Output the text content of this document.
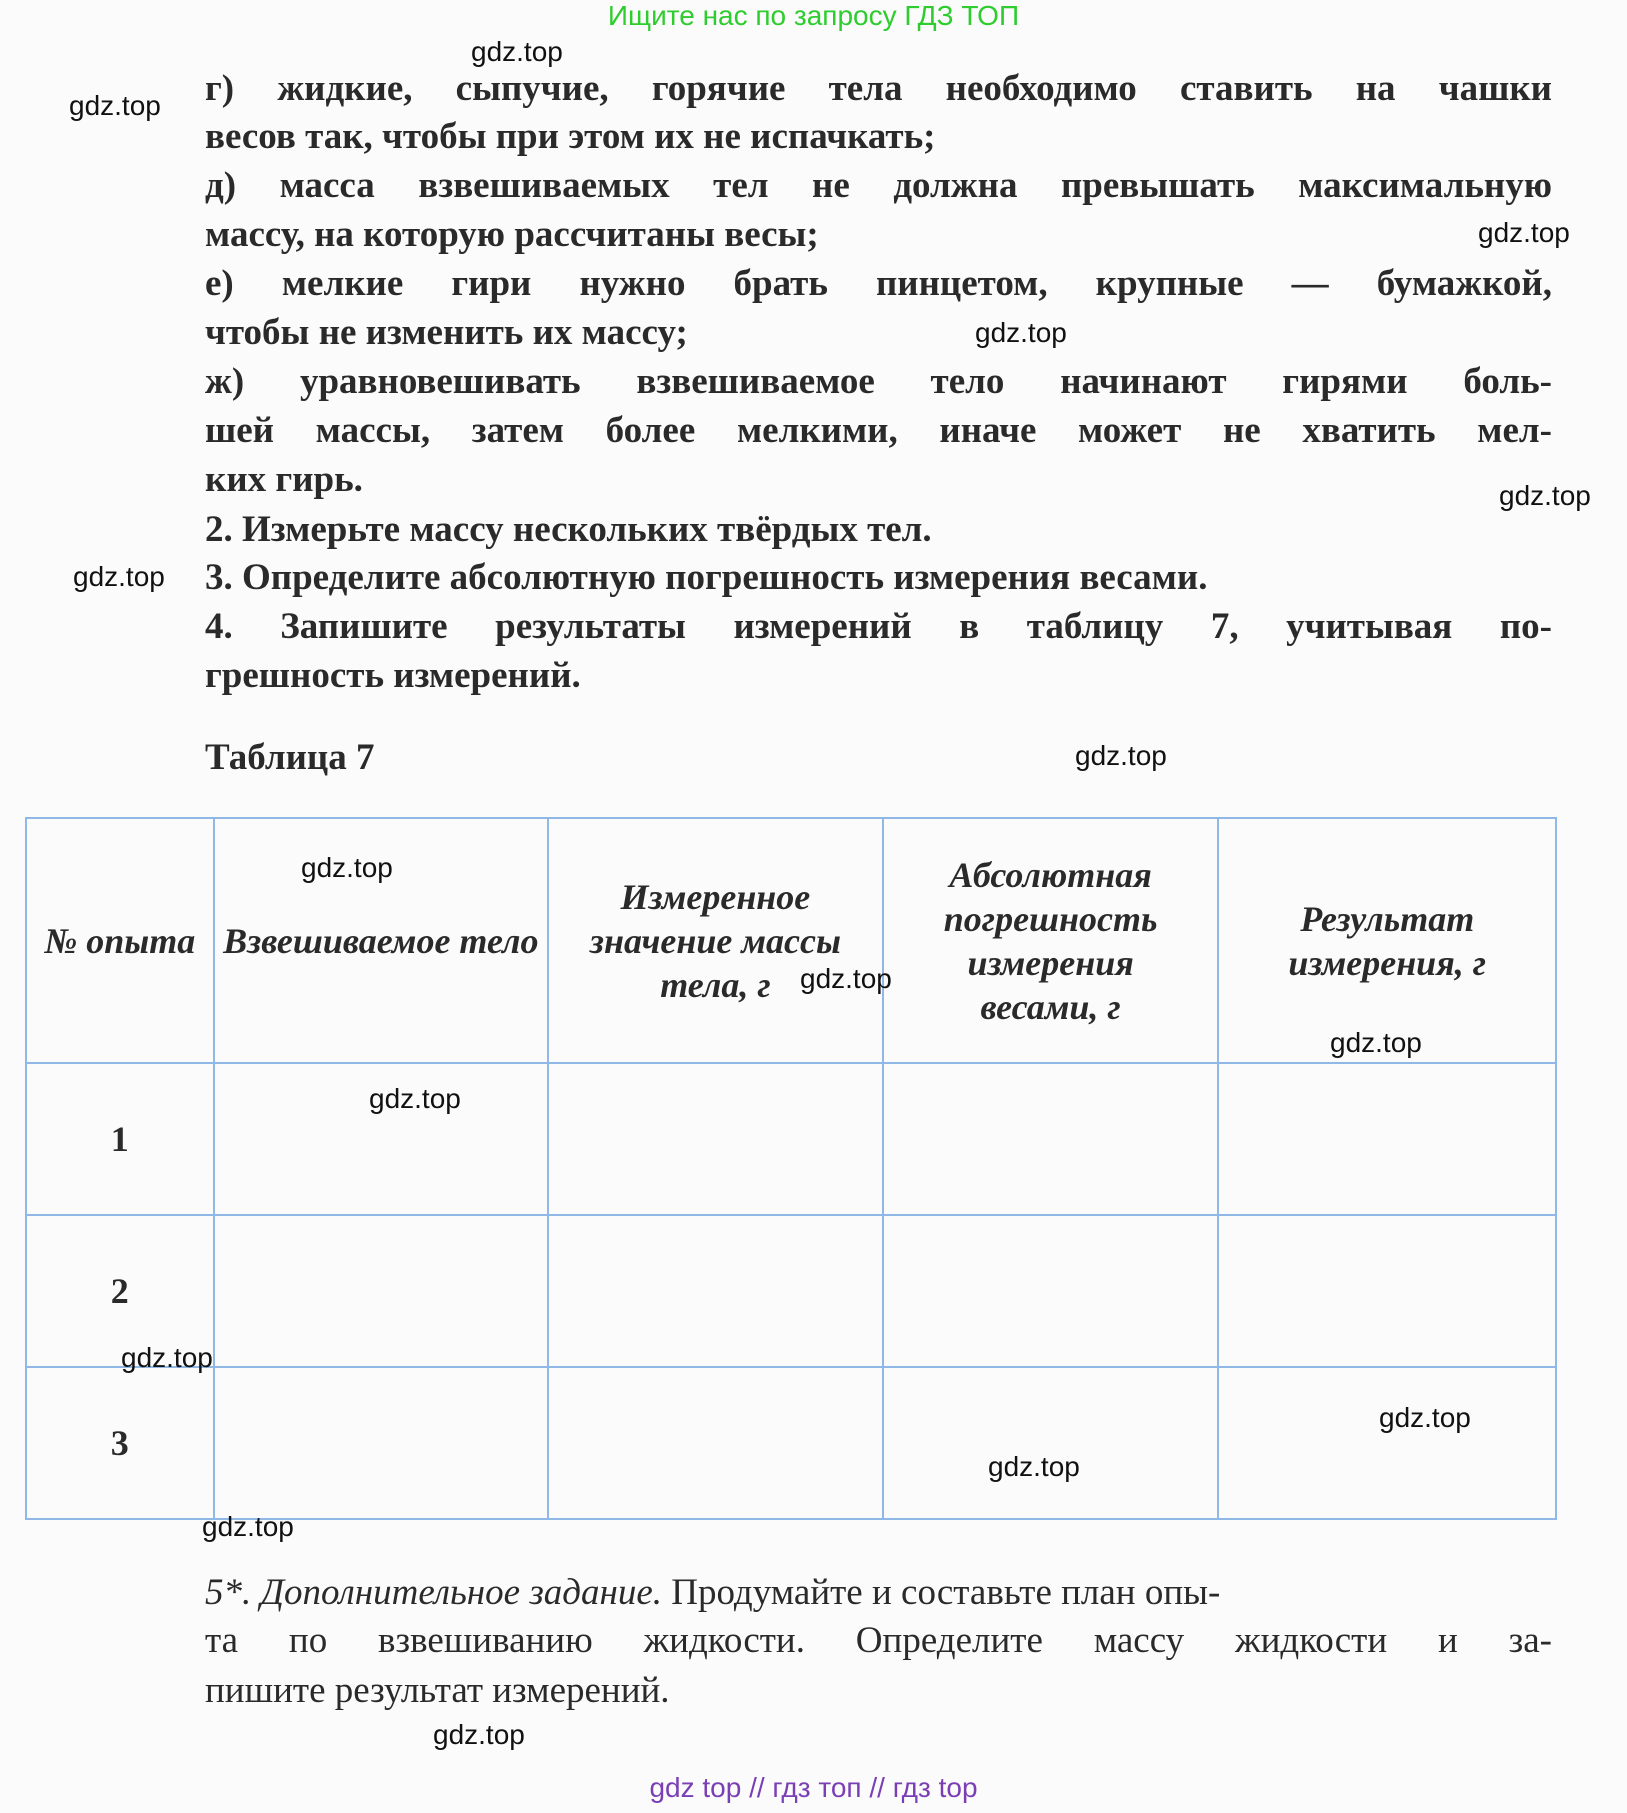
Ищите нас по запросу ГДЗ ТОП
г) жидкие, сыпучие, горячие тела необходимо ставить на чашки
весов так, чтобы при этом их не испачкать;
д) масса взвешиваемых тел не должна превышать максимальную
массу, на которую рассчитаны весы;
е) мелкие гири нужно брать пинцетом, крупные — бумажкой,
чтобы не изменить их массу;
ж) уравновешивать взвешиваемое тело начинают гирями боль-
шей массы, затем более мелкими, иначе может не хватить мел-
ких гирь.
2. Измерьте массу нескольких твёрдых тел.
3. Определите абсолютную погрешность измерения весами.
4. Запишите результаты измерений в таблицу 7, учитывая по-
грешность измерений.
Таблица 7
№ опыта	Взвешиваемое тело	Измеренное значение массы тела, г	Абсолютная погрешность измерения весами, г	Результат измерения, г
1				
2				
3				
5*. Дополнительное задание. Продумайте и составьте план опы-
та по взвешиванию жидкости. Определите массу жидкости и за-
пишите результат измерений.
gdz.top
gdz.top
gdz.top
gdz.top
gdz.top
gdz.top
gdz.top
gdz.top
gdz.top
gdz.top
gdz.top
gdz.top
gdz.top
gdz.top
gdz.top
gdz.top
gdz top // гдз топ // гдз top
